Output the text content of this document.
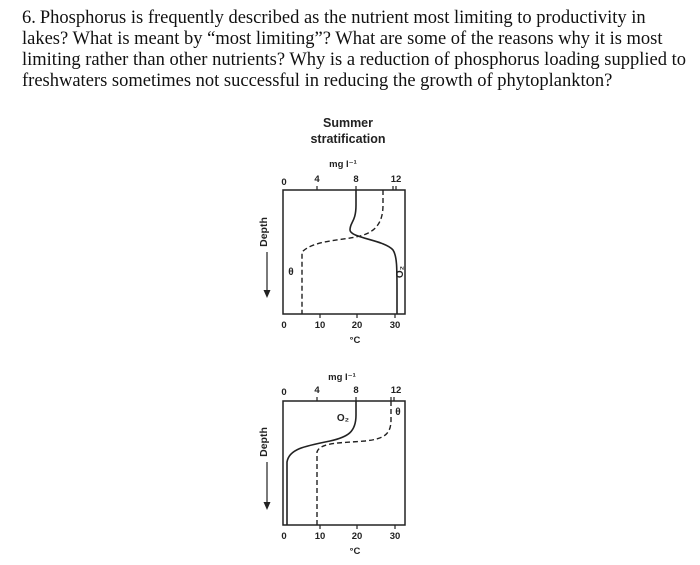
6. Phosphorus is frequently described as the nutrient most limiting to productivity in lakes? What is meant by “most limiting”? What are some of the reasons why it is most limiting rather than other nutrients? Why is a reduction of phosphorus loading supplied to freshwaters sometimes not successful in reducing the growth of phytoplankton?

Summer
stratification
mg l⁻¹
0	4	8	12
θ	O₂
0	10	20	30
°C
Depth
mg l⁻¹
0	4	8	12
O₂
θ
0	10	20	30
°C
Depth
